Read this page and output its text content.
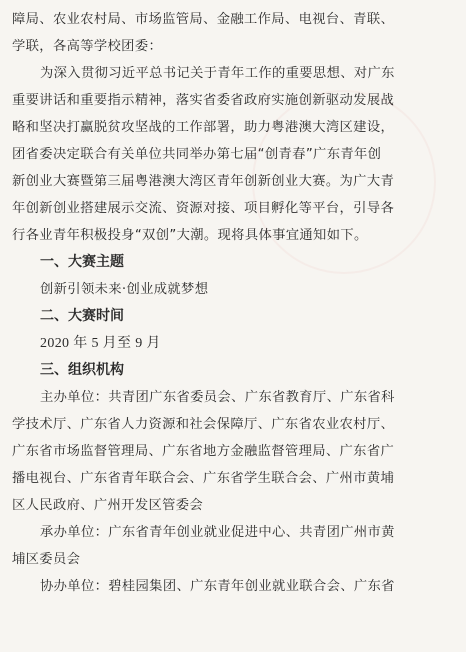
障局、农业农村局、市场监管局、金融工作局、电视台、青联、
学联，各高等学校团委：
为深入贯彻习近平总书记关于青年工作的重要思想、对广东
重要讲话和重要指示精神，落实省委省政府实施创新驱动发展战
略和坚决打赢脱贫攻坚战的工作部署，助力粤港澳大湾区建设，
团省委决定联合有关单位共同举办第七届“创青春”广东青年创
新创业大赛暨第三届粤港澳大湾区青年创新创业大赛。为广大青
年创新创业搭建展示交流、资源对接、项目孵化等平台，引导各
行各业青年积极投身“双创”大潮。现将具体事宜通知如下。
一、大赛主题
创新引领未来·创业成就梦想
二、大赛时间
2020 年 5 月至 9 月
三、组织机构
主办单位：共青团广东省委员会、广东省教育厅、广东省科
学技术厅、广东省人力资源和社会保障厅、广东省农业农村厅、
广东省市场监督管理局、广东省地方金融监督管理局、广东省广
播电视台、广东省青年联合会、广东省学生联合会、广州市黄埔
区人民政府、广州开发区管委会
承办单位：广东省青年创业就业促进中心、共青团广州市黄
埔区委员会
协办单位：碧桂园集团、广东青年创业就业联合会、广东省
